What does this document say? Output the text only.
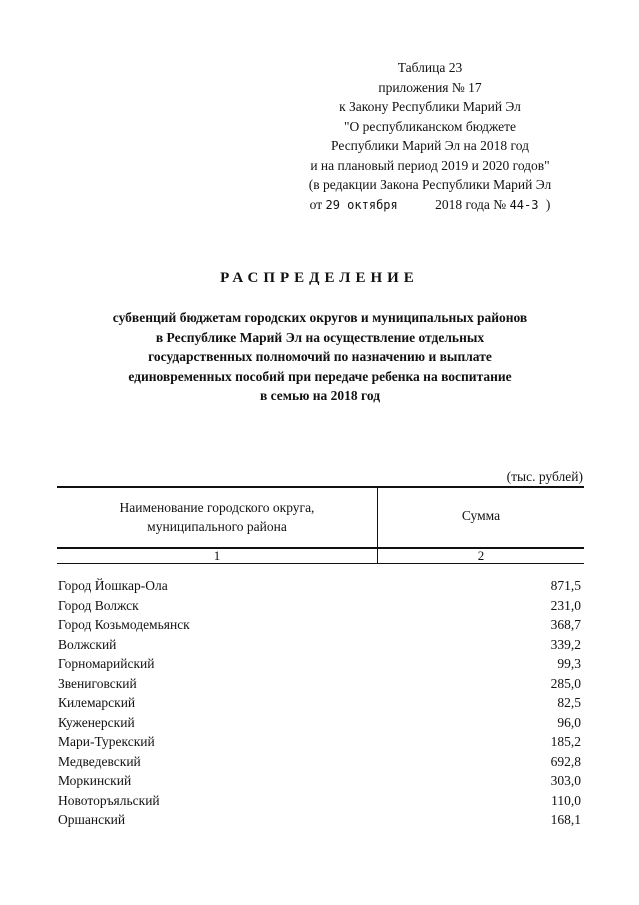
Таблица 23
приложения № 17
к Закону Республики Марий Эл
"О республиканском бюджете
Республики Марий Эл на 2018 год
и на плановый период 2019 и 2020 годов"
(в редакции Закона Республики Марий Эл
от 29 октября	2018 года № 44-З )
РАСПРЕДЕЛЕНИЕ
субвенций бюджетам городских округов и муниципальных районов
в Республике Марий Эл на осуществление отдельных
государственных полномочий по назначению и выплате
единовременных пособий при передаче ребенка на воспитание
в семью на 2018 год
(тыс. рублей)
Наименование городского округа,
муниципального района
Сумма
1	2
Город Йошкар-Ола	871,5
Город Волжск	231,0
Город Козьмодемьянск	368,7
Волжский	339,2
Горномарийский	99,3
Звениговский	285,0
Килемарский	82,5
Куженерский	96,0
Мари-Турекский	185,2
Медведевский	692,8
Моркинский	303,0
Новоторъяльский	110,0
Оршанский	168,1
